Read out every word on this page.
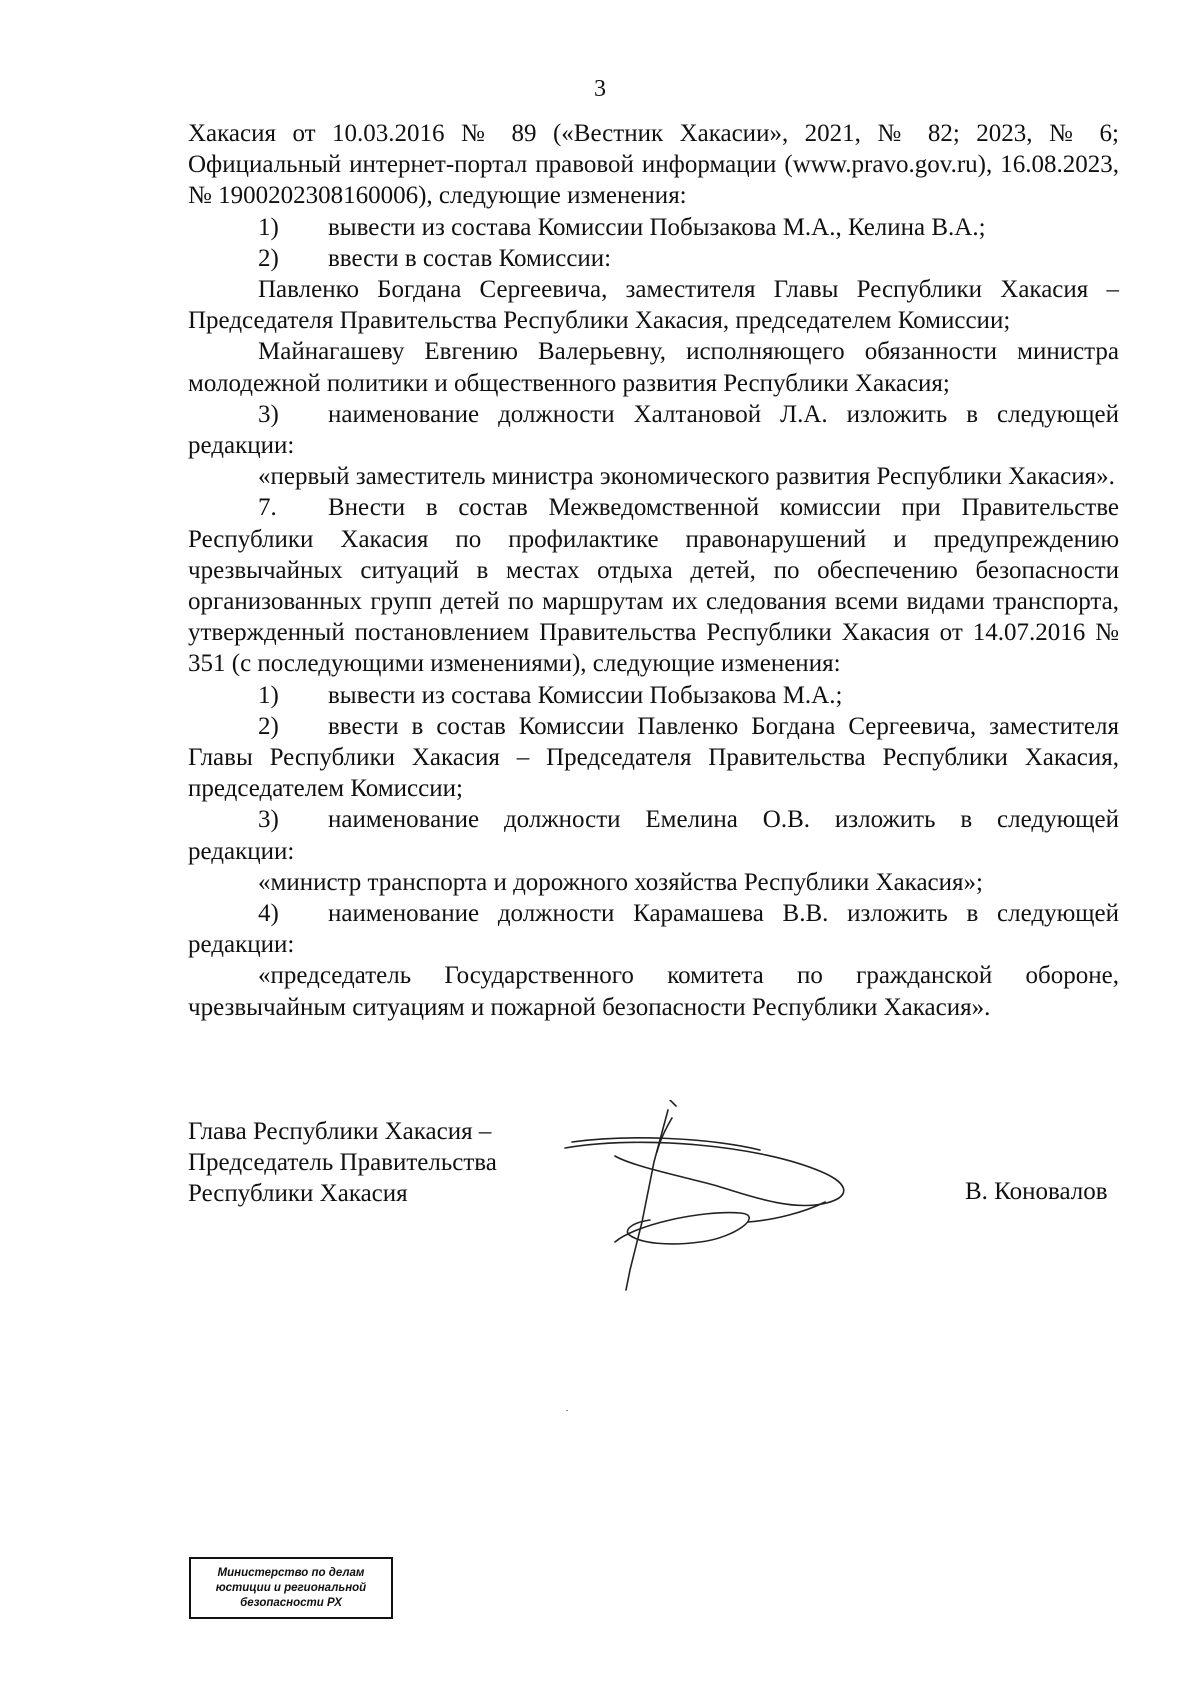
3

Хакасия от 10.03.2016 № 89 («Вестник Хакасии», 2021, № 82; 2023, № 6; Официальный интернет-портал правовой информации (www.pravo.gov.ru), 16.08.2023, № 1900202308160006), следующие изменения:

1) вывести из состава Комиссии Побызакова М.А., Келина В.А.;

2) ввести в состав Комиссии:

Павленко Богдана Сергеевича, заместителя Главы Республики Хакасия – Председателя Правительства Республики Хакасия, председателем Комиссии;

Майнагашеву Евгению Валерьевну, исполняющего обязанности министра молодежной политики и общественного развития Республики Хакасия;

3) наименование должности Халтановой Л.А. изложить в следующей редакции:

«первый заместитель министра экономического развития Республики Хакасия».

7. Внести в состав Межведомственной комиссии при Правительстве Республики Хакасия по профилактике правонарушений и предупреждению чрезвычайных ситуаций в местах отдыха детей, по обеспечению безопасности организованных групп детей по маршрутам их следования всеми видами транспорта, утвержденный постановлением Правительства Республики Хакасия от 14.07.2016 № 351 (с последующими изменениями), следующие изменения:

1) вывести из состава Комиссии Побызакова М.А.;

2) ввести в состав Комиссии Павленко Богдана Сергеевича, заместителя Главы Республики Хакасия – Председателя Правительства Республики Хакасия, председателем Комиссии;

3) наименование должности Емелина О.В. изложить в следующей редакции:

«министр транспорта и дорожного хозяйства Республики Хакасия»;

4) наименование должности Карамашева В.В. изложить в следующей редакции:

«председатель Государственного комитета по гражданской обороне, чрезвычайным ситуациям и пожарной безопасности Республики Хакасия».

Глава Республики Хакасия –
Председатель Правительства
Республики Хакасия	В. Коновалов
Министерство по делам
юстиции и региональной
безопасности РХ
